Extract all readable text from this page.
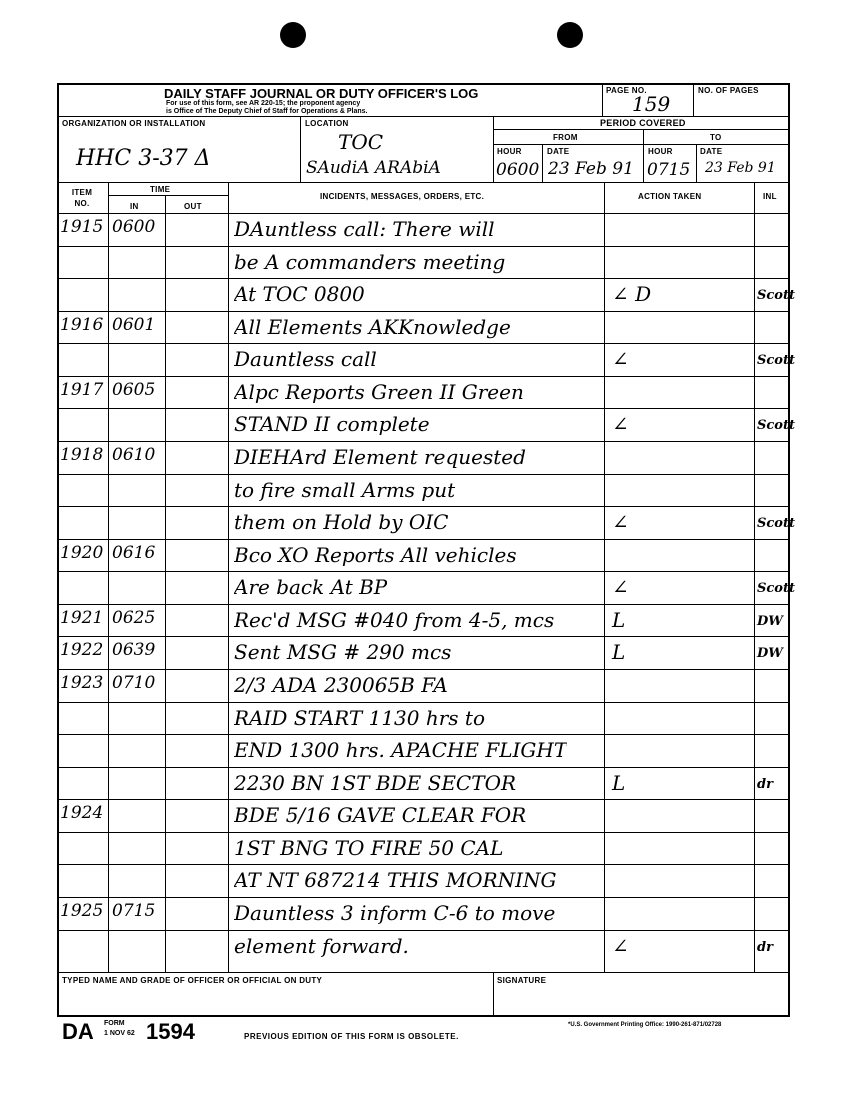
DAILY STAFF JOURNAL OR DUTY OFFICER'S LOG
For use of this form, see AR 220-15; the proponent agency
is Office of The Deputy Chief of Staff for Operations & Plans.
PAGE NO.
159
NO. OF PAGES
ORGANIZATION OR INSTALLATION
HHC 3-37 Δ
LOCATION
TOC
SAudiA ARAbiA
PERIOD COVERED
FROM	TO
HOUR	DATE	HOUR	DATE
0600 23 Feb 91 0715 23 Feb 91
ITEM NO.
TIME
IN	OUT
INCIDENTS, MESSAGES, ORDERS, ETC.	ACTION TAKEN	INL
1915 0600	DAuntless call: There will
be A commanders meeting
At TOC 0800	∠ D	Scott
1916 0601	All Elements AKKnowledge
Dauntless call	∠	Scott
1917 0605	Alpc Reports Green II Green
STAND II complete	∠	Scott
1918 0610	DIEHArd Element requested
to fire small Arms put
them on Hold by OIC	∠	Scott
1920 0616	Bco XO Reports All vehicles
Are back At BP	∠	Scott
1921 0625	Rec'd MSG #040 from 4-5, mcs	L	DW
1922 0639	Sent MSG # 290 mcs	L	DW
1923 0710	2/3 ADA 230065B FA
RAID START 1130 hrs to
END 1300 hrs. APACHE FLIGHT
2230 BN 1ST BDE SECTOR	L	dr
1924	BDE 5/16 GAVE CLEAR FOR
1ST BNG TO FIRE 50 CAL
AT NT 687214 THIS MORNING
1925 0715	Dauntless 3 inform C-6 to move
element forward.	∠	dr
TYPED NAME AND GRADE OF OFFICER OR OFFICIAL ON DUTY	SIGNATURE
DA FORM
1 NOV 62 1594	PREVIOUS EDITION OF THIS FORM IS OBSOLETE.
*U.S. Government Printing Office: 1990-261-871/02728
